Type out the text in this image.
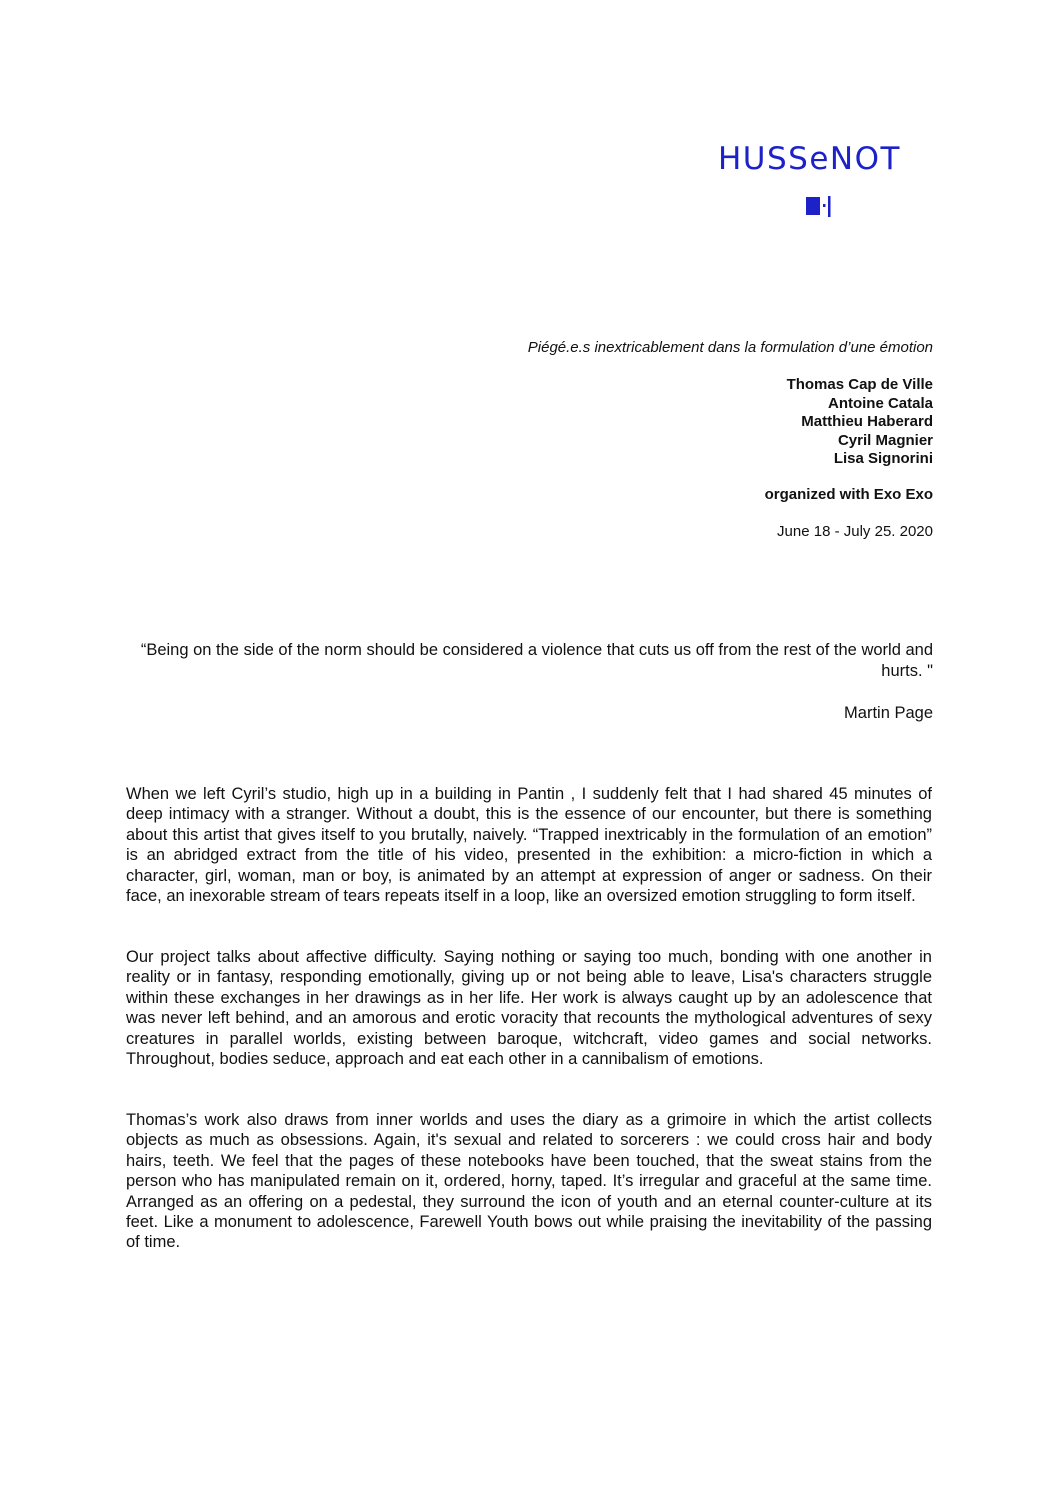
HUSSeNOT
Piégé.e.s inextricablement dans la formulation d’une émotion
Thomas Cap de Ville
Antoine Catala
Matthieu Haberard
Cyril Magnier
Lisa Signorini
organized with Exo Exo
June 18 - July 25. 2020
“Being on the side of the norm should be considered a violence that cuts us off from the rest of the world and hurts. "
Martin Page

When we left Cyril’s studio, high up in a building in Pantin , I suddenly felt that I had shared 45 minutes of deep intimacy with a stranger. Without a doubt, this is the essence of our encounter, but there is something about this artist that gives itself to you brutally, naively. “Trapped inextricably in the formulation of an emotion” is an abridged extract from the title of his video, presented in the exhibition: a micro-fiction in which a character, girl, woman, man or boy, is animated by an attempt at expression of anger or sadness. On their face, an inexorable stream of tears repeats itself in a loop, like an oversized emotion struggling to form itself.

Our project talks about affective difficulty. Saying nothing or saying too much, bonding with one another in reality or in fantasy, responding emotionally, giving up or not being able to leave, Lisa's characters struggle within these exchanges in her drawings as in her life. Her work is always caught up by an adolescence that was never left behind, and an amorous and erotic voracity that recounts the mythological adventures of sexy creatures in parallel worlds, existing between baroque, witchcraft, video games and social networks. Throughout, bodies seduce, approach and eat each other in a cannibalism of emotions.

Thomas’s work also draws from inner worlds and uses the diary as a grimoire in which the artist collects objects as much as obsessions. Again, it's sexual and related to sorcerers : we could cross hair and body hairs, teeth. We feel that the pages of these notebooks have been touched, that the sweat stains from the person who has manipulated remain on it, ordered, horny, taped. It’s irregular and graceful at the same time. Arranged as an offering on a pedestal, they surround the icon of youth and an eternal counter-culture at its feet. Like a monument to adolescence, Farewell Youth bows out while praising the inevitability of the passing of time.
